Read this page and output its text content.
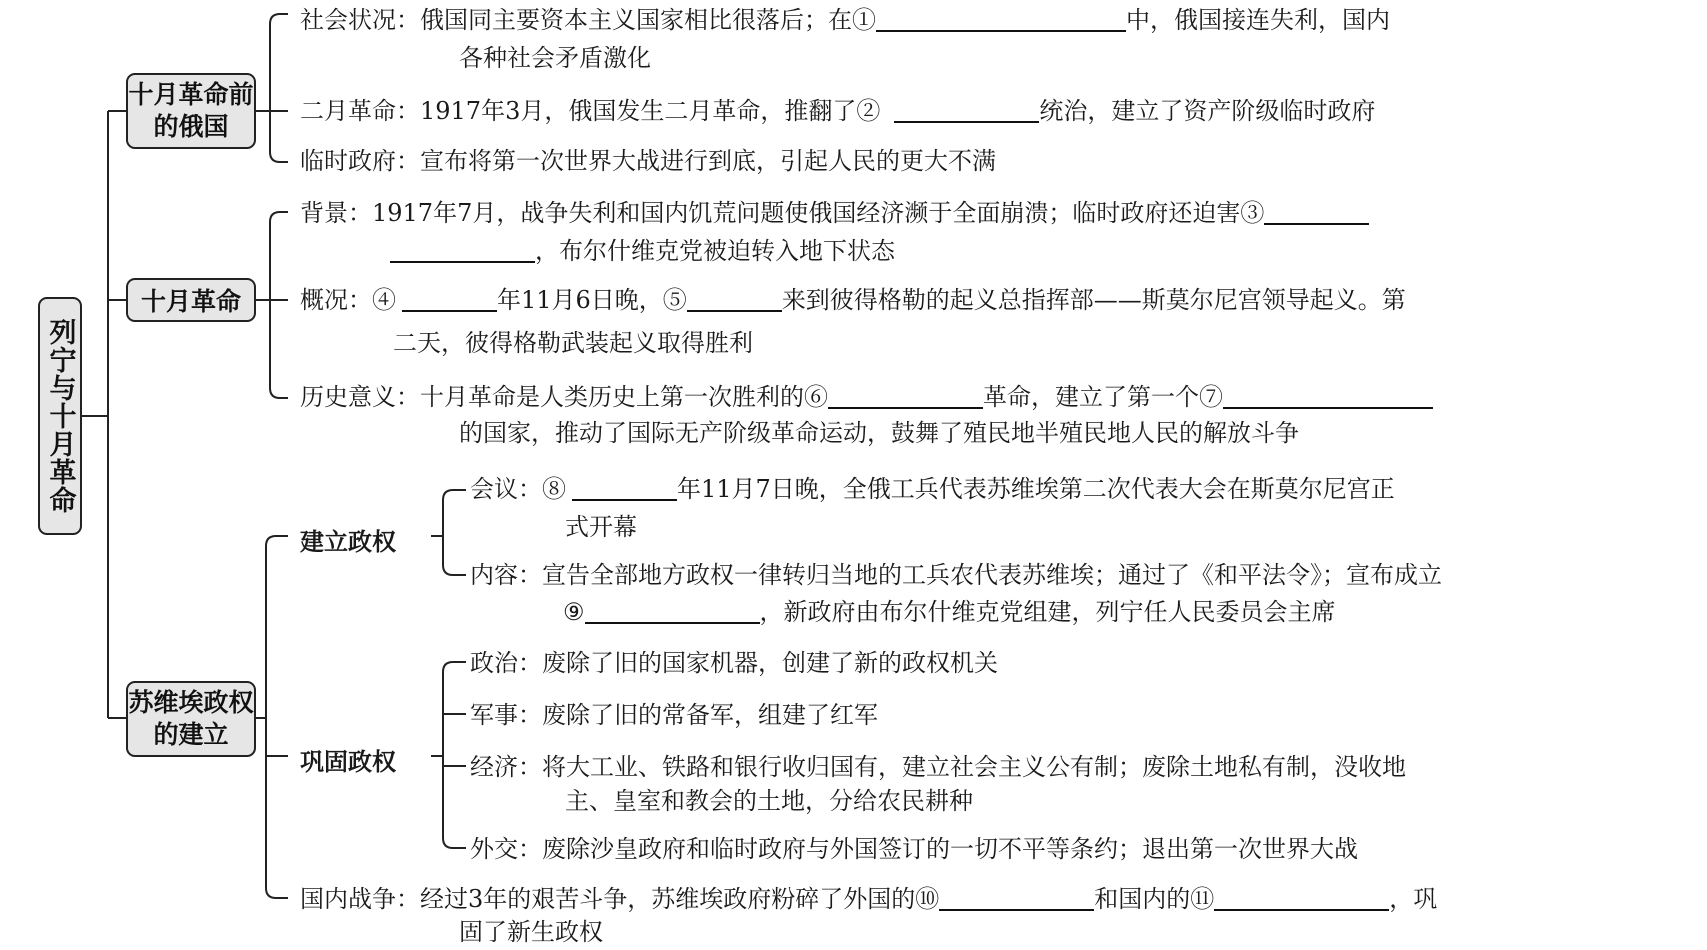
列宁与十月革命
十月革命前的俄国
十月革命
苏维埃政权的建立
建立政权
巩固政权
社会状况：俄国同主要资本主义国家相比很落后；在①	中，俄国接连失利，国内
各种社会矛盾激化
二月革命：1917年3月，俄国发生二月革命，推翻了②	统治，建立了资产阶级临时政府
临时政府：宣布将第一次世界大战进行到底，引起人民的更大不满
背景：1917年7月，战争失利和国内饥荒问题使俄国经济濒于全面崩溃；临时政府还迫害③
，布尔什维克党被迫转入地下状态
概况：④	年11月6日晚，⑤	来到彼得格勒的起义总指挥部——斯莫尔尼宫领导起义。第
二天，彼得格勒武装起义取得胜利
历史意义：十月革命是人类历史上第一次胜利的⑥	革命，建立了第一个⑦
的国家，推动了国际无产阶级革命运动，鼓舞了殖民地半殖民地人民的解放斗争
会议：⑧	年11月7日晚，全俄工兵代表苏维埃第二次代表大会在斯莫尔尼宫正
式开幕
内容：宣告全部地方政权一律转归当地的工兵农代表苏维埃；通过了《和平法令》；宣布成立
⑨	，新政府由布尔什维克党组建，列宁任人民委员会主席
政治：废除了旧的国家机器，创建了新的政权机关
军事：废除了旧的常备军，组建了红军
经济：将大工业、铁路和银行收归国有，建立社会主义公有制；废除土地私有制，没收地
主、皇室和教会的土地，分给农民耕种
外交：废除沙皇政府和临时政府与外国签订的一切不平等条约；退出第一次世界大战
国内战争：经过3年的艰苦斗争，苏维埃政府粉碎了外国的⑩	和国内的⑪	，巩
固了新生政权
